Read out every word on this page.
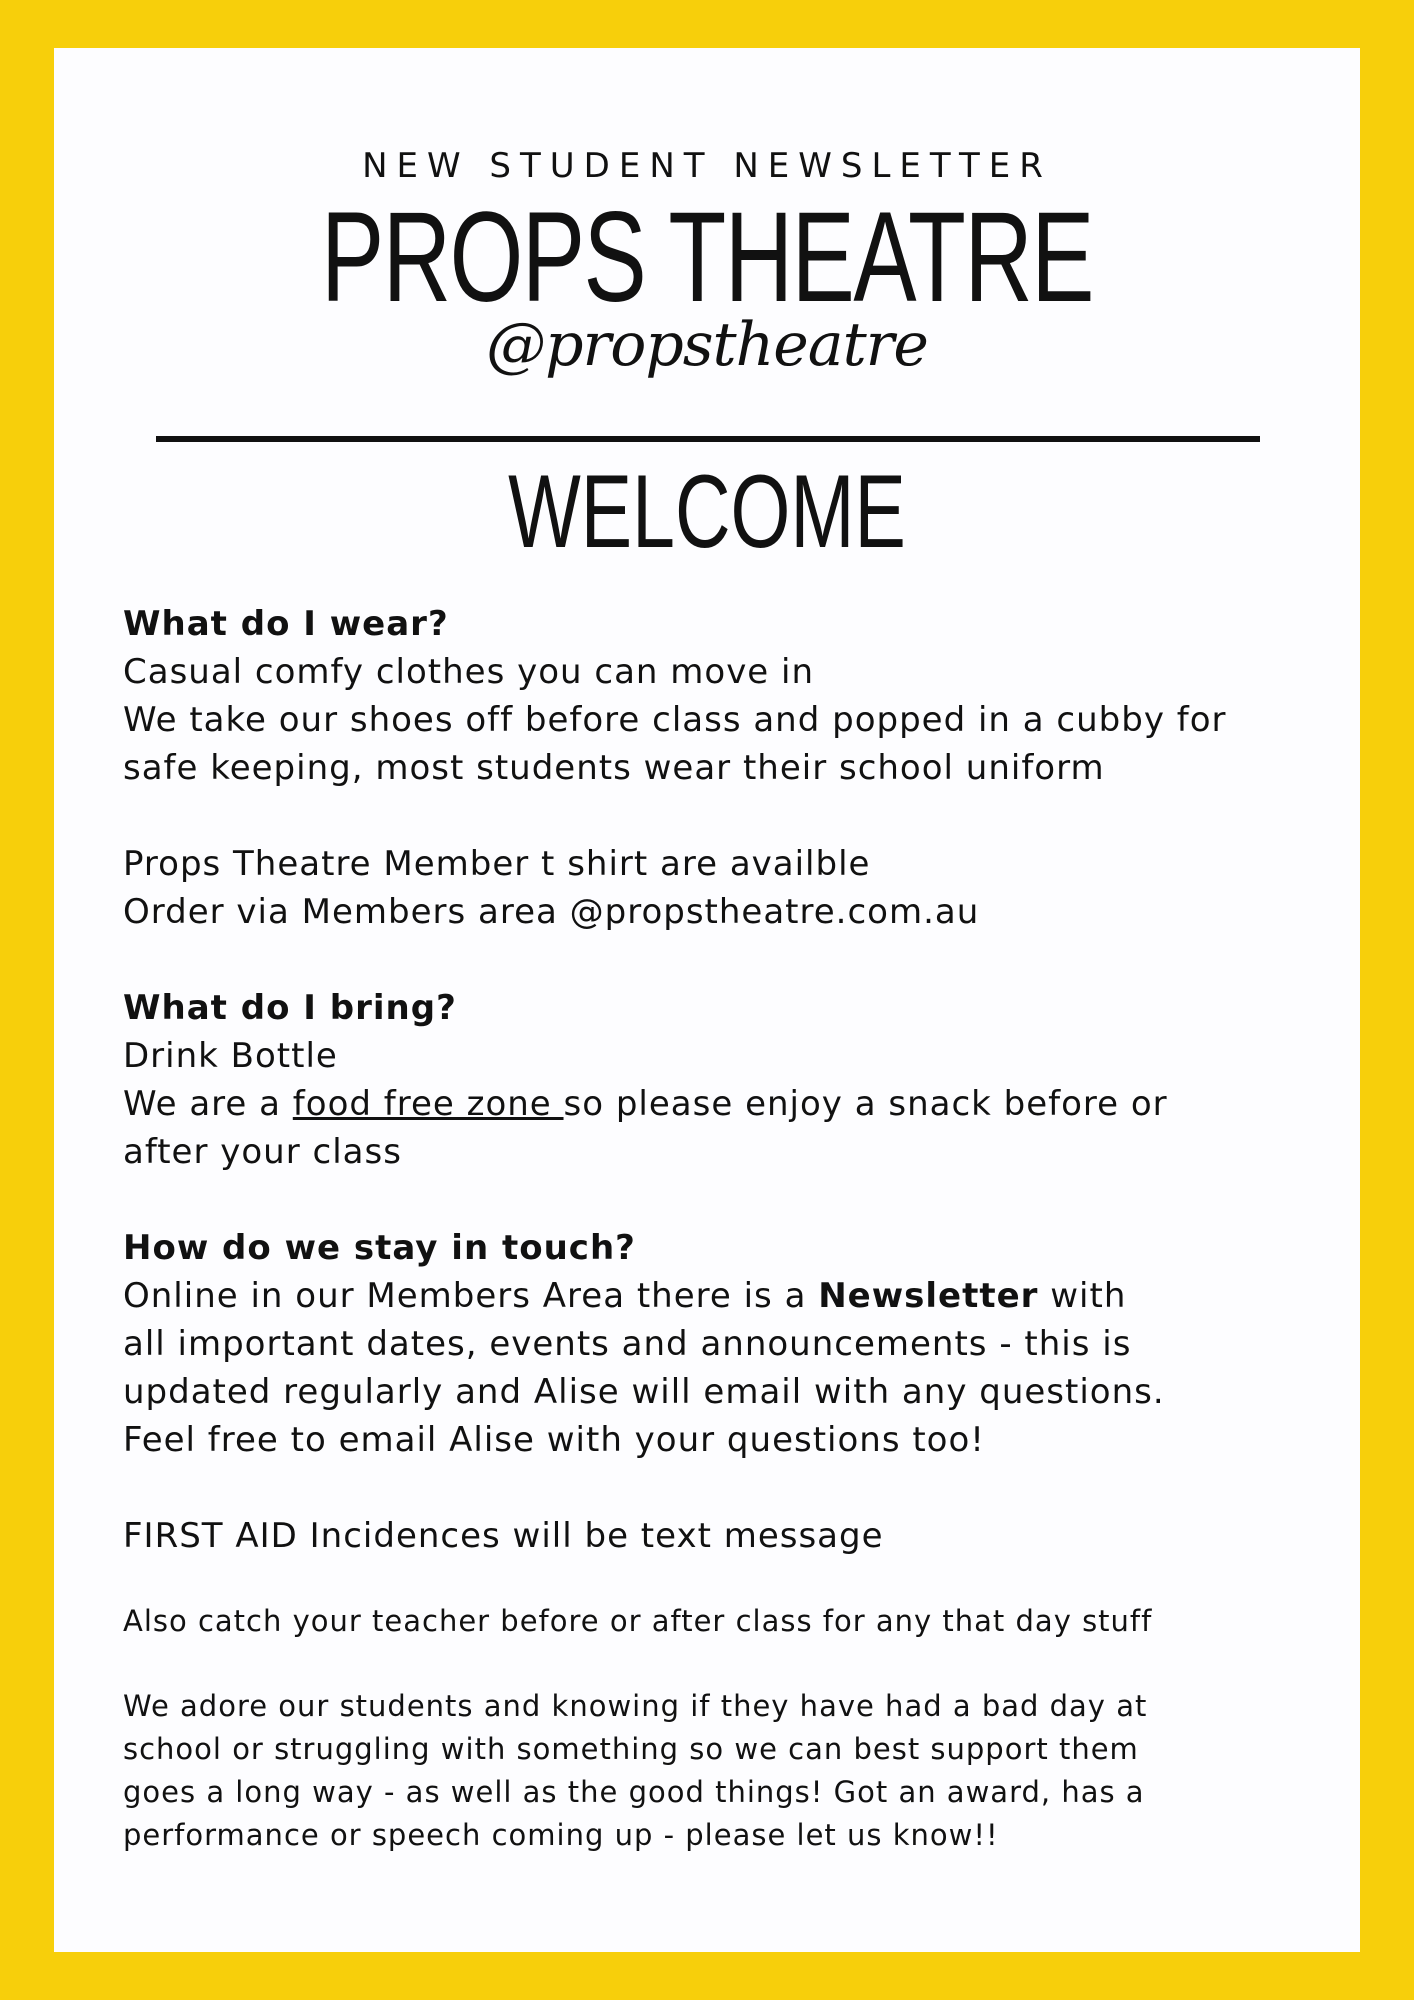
NEW STUDENT NEWSLETTER
PROPS THEATRE
@propstheatre
WELCOME

What do I wear?

Casual comfy clothes you can move in

We take our shoes off before class and popped in a cubby for

safe keeping, most students wear their school uniform

Props Theatre Member t shirt are availble

Order via Members area @propstheatre.com.au

What do I bring?

Drink Bottle

We are a food free zone so please enjoy a snack before or

after your class

How do we stay in touch?

Online in our Members Area there is a Newsletter with

all important dates, events and announcements - this is

updated regularly and Alise will email with any questions.

Feel free to email Alise with your questions too!

FIRST AID Incidences will be text message

Also catch your teacher before or after class for any that day stuff

We adore our students and knowing if they have had a bad day at

school or struggling with something so we can best support them

goes a long way - as well as the good things! Got an award, has a

performance or speech coming up - please let us know!!
